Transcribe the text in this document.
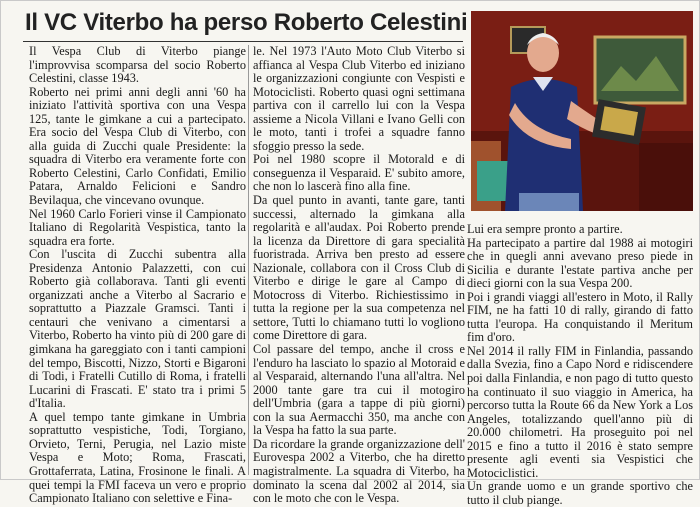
Il VC Viterbo ha perso Roberto Celestini

Il Vespa Club di Viterbo piange l'improvvisa scomparsa del socio Roberto Celestini, classe 1943.

Roberto nei primi anni degli anni '60 ha iniziato l'attività sportiva con una Vespa 125, tante le gimkane a cui a partecipato. Era socio del Vespa Club di Viterbo, con alla guida di Zucchi quale Presidente: la squadra di Viterbo era veramente forte con Roberto Celestini, Carlo Confidati, Emilio Patara, Arnaldo Felicioni e Sandro Bevilaqua, che vincevano ovunque.

Nel 1960 Carlo Forieri vinse il Campionato Italiano di Regolarità Vespistica, tanto la squadra era forte.

Con l'uscita di Zucchi subentra alla Presidenza Antonio Palazzetti, con cui Roberto già collaborava. Tanti gli eventi organizzati anche a Viterbo al Sacrario e soprattutto a Piazzale Gramsci. Tanti i centauri che venivano a cimentarsi a Viterbo, Roberto ha vinto più di 200 gare di gimkana ha gareggiato con i tanti campioni del tempo, Biscotti, Nizzo, Storti e Bigaroni di Todi, i Fratelli Cutillo di Roma, i fratelli Lucarini di Frascati. E' stato tra i primi 5 d'Italia.

A quel tempo tante gimkane in Umbria soprattutto vespistiche, Todi, Torgiano, Orvieto, Terni, Perugia, nel Lazio miste Vespa e Moto; Roma, Frascati, Grottaferrata, Latina, Frosinone le finali. A quei tempi la FMI faceva un vero e proprio Campionato Italiano con selettive e Fina-

le. Nel 1973 l'Auto Moto Club Viterbo si affianca al Vespa Club Viterbo ed iniziano le organizzazioni congiunte con Vespisti e Motociclisti. Roberto quasi ogni settimana partiva con il carrello lui con la Vespa assieme a Nicola Villani e Ivano Gelli con le moto, tanti i trofei a squadre fanno sfoggio presso la sede.

Poi nel 1980 scopre il Motorald e di conseguenza il Vesparaid. E' subito amore, che non lo lascerà fino alla fine.

Da quel punto in avanti, tante gare, tanti successi, alternado la gimkana alla regolarità e all'audax. Poi Roberto prende la licenza da Direttore di gara specialità fuoristrada. Arriva ben presto ad essere Nazionale, collabora con il Cross Club di Viterbo e dirige le gare al Campo di Motocross di Viterbo. Richiestissimo in tutta la regione per la sua competenza nel settore, Tutti lo chiamano tutti lo vogliono come Direttore di gara.

Col passare del tempo, anche il cross e l'enduro ha lasciato lo spazio al Motoraid e al Vesparaid, alternando l'una all'altra. Nel 2000 tante gare tra cui il motogiro dell'Umbria (gara a tappe di più giorni) con la sua Aermacchi 350, ma anche con la Vespa ha fatto la sua parte.

Da ricordare la grande organizzazione dell' Eurovespa 2002 a Viterbo, che ha diretto magistralmente. La squadra di Viterbo, ha dominato la scena dal 2002 al 2014, sia con le moto che con le Vespa.

Lui era sempre pronto a partire.

Ha partecipato a partire dal 1988 ai motogiri che in quegli anni avevano preso piede in Sicilia e durante l'estate partiva anche per dieci giorni con la sua Vespa 200.

Poi i grandi viaggi all'estero in Moto, il Rally FIM, ne ha fatti 10 di rally, girando di fatto tutta l'europa. Ha conquistando il Meritum fim d'oro.

Nel 2014 il rally FIM in Finlandia, passando dalla Svezia, fino a Capo Nord e ridiscendere poi dalla Finlandia, e non pago di tutto questo ha continuato il suo viaggio in America, ha percorso tutta la Route 66 da New York a Los Angeles, totalizzando quell'anno più di 20.000 chilometri. Ha proseguito poi nel 2015 e fino a tutto il 2016 è stato sempre presente agli eventi sia Vespistici che Motociclistici.

Un grande uomo e un grande sportivo che tutto il club piange.
